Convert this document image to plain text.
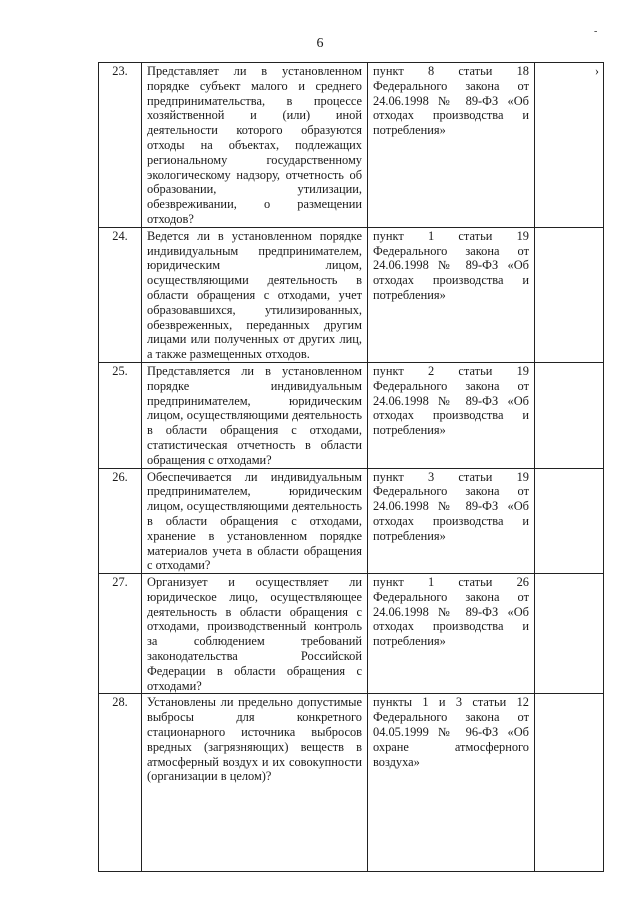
6
-
23.	Представляет ли в установленном порядке субъект малого и среднего предпринимательства, в процессе хозяйственной и (или) иной деятельности которого образуются отходы на объектах, подлежащих региональному государственному экологическому надзору, отчетность об образовании, утилизации, обезвреживании, о размещении отходов?	пункт 8 статьи 18 Федерального закона от 24.06.1998 № 89-ФЗ «Об отходах производства и потребления»	›
24.	Ведется ли в установленном порядке индивидуальным предпринимателем, юридическим лицом, осуществляющими деятельность в области обращения с отходами, учет образовавшихся, утилизированных, обезвреженных, переданных другим лицами или полученных от других лиц, а также размещенных отходов.	пункт 1 статьи 19 Федерального закона от 24.06.1998 № 89-ФЗ «Об отходах производства и потребления»	
25.	Представляется ли в установленном порядке индивидуальным предпринимателем, юридическим лицом, осуществляющими деятельность в области обращения с отходами, статистическая отчетность в области обращения с отходами?	пункт 2 статьи 19 Федерального закона от 24.06.1998 № 89-ФЗ «Об отходах производства и потребления»	
26.	Обеспечивается ли индивидуальным предпринимателем, юридическим лицом, осуществляющими деятельность в области обращения с отходами, хранение в установленном порядке материалов учета в области обращения с отходами?	пункт 3 статьи 19 Федерального закона от 24.06.1998 № 89-ФЗ «Об отходах производства и потребления»	
27.	Организует и осуществляет ли юридическое лицо, осуществляющее деятельность в области обращения с отходами, производственный контроль за соблюдением требований законодательства Российской Федерации в области обращения с отходами?	пункт 1 статьи 26 Федерального закона от 24.06.1998 № 89-ФЗ «Об отходах производства и потребления»	
28.	Установлены ли предельно допустимые выбросы для конкретного стационарного источника выбросов вредных (загрязняющих) веществ в атмосферный воздух и их совокупности (организации в целом)?	пункты 1 и 3 статьи 12 Федерального закона от 04.05.1999 № 96-ФЗ «Об охране атмосферного воздуха»	
